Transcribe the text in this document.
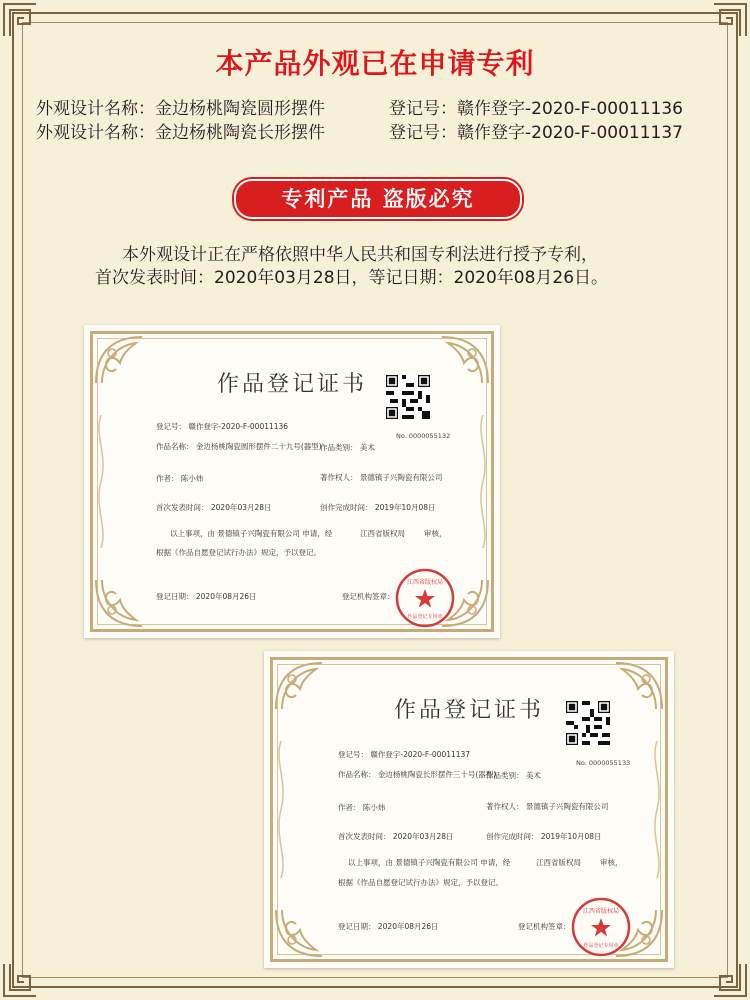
本产品外观已在申请专利
外观设计名称：金边杨桃陶瓷圆形摆件	登记号：赣作登字-2020-F-00011136
外观设计名称：金边杨桃陶瓷长形摆件	登记号：赣作登字-2020-F-00011137
专利产品 盗版必究
本外观设计正在严格依照中华人民共和国专利法进行授予专利，
首次发表时间：2020年03月28日，等记日期：2020年08月26日。
作品登记证书
No. 0000055132
登记号： 赣作登字-2020-F-00011136
作品名称： 金边杨桃陶瓷圆形摆件二十九号(器型)
作品类别： 美术
作者： 陈小炜	著作权人： 景德镇子兴陶瓷有限公司
首次发表时间： 2020年03月28日	创作完成时间： 2019年10月08日
以上事项，由 景德镇子兴陶瓷有限公司 申请，经	江西省版权局	审核，
根据《作品自愿登记试行办法》规定，予以登记。
登记日期： 2020年08月26日	登记机构签章：
江西省版权局
作品登记专用章
作品登记证书
No. 0000055133
登记号： 赣作登字-2020-F-00011137
作品名称： 金边杨桃陶瓷长形摆件三十号(器型)
作品类别： 美术
作者： 陈小炜	著作权人： 景德镇子兴陶瓷有限公司
首次发表时间： 2020年03月28日	创作完成时间： 2019年10月08日
以上事项，由 景德镇子兴陶瓷有限公司 申请，经	江西省版权局	审核，
根据《作品自愿登记试行办法》规定，予以登记。
登记日期： 2020年08月26日	登记机构签章：
江西省版权局
作品登记专用章
